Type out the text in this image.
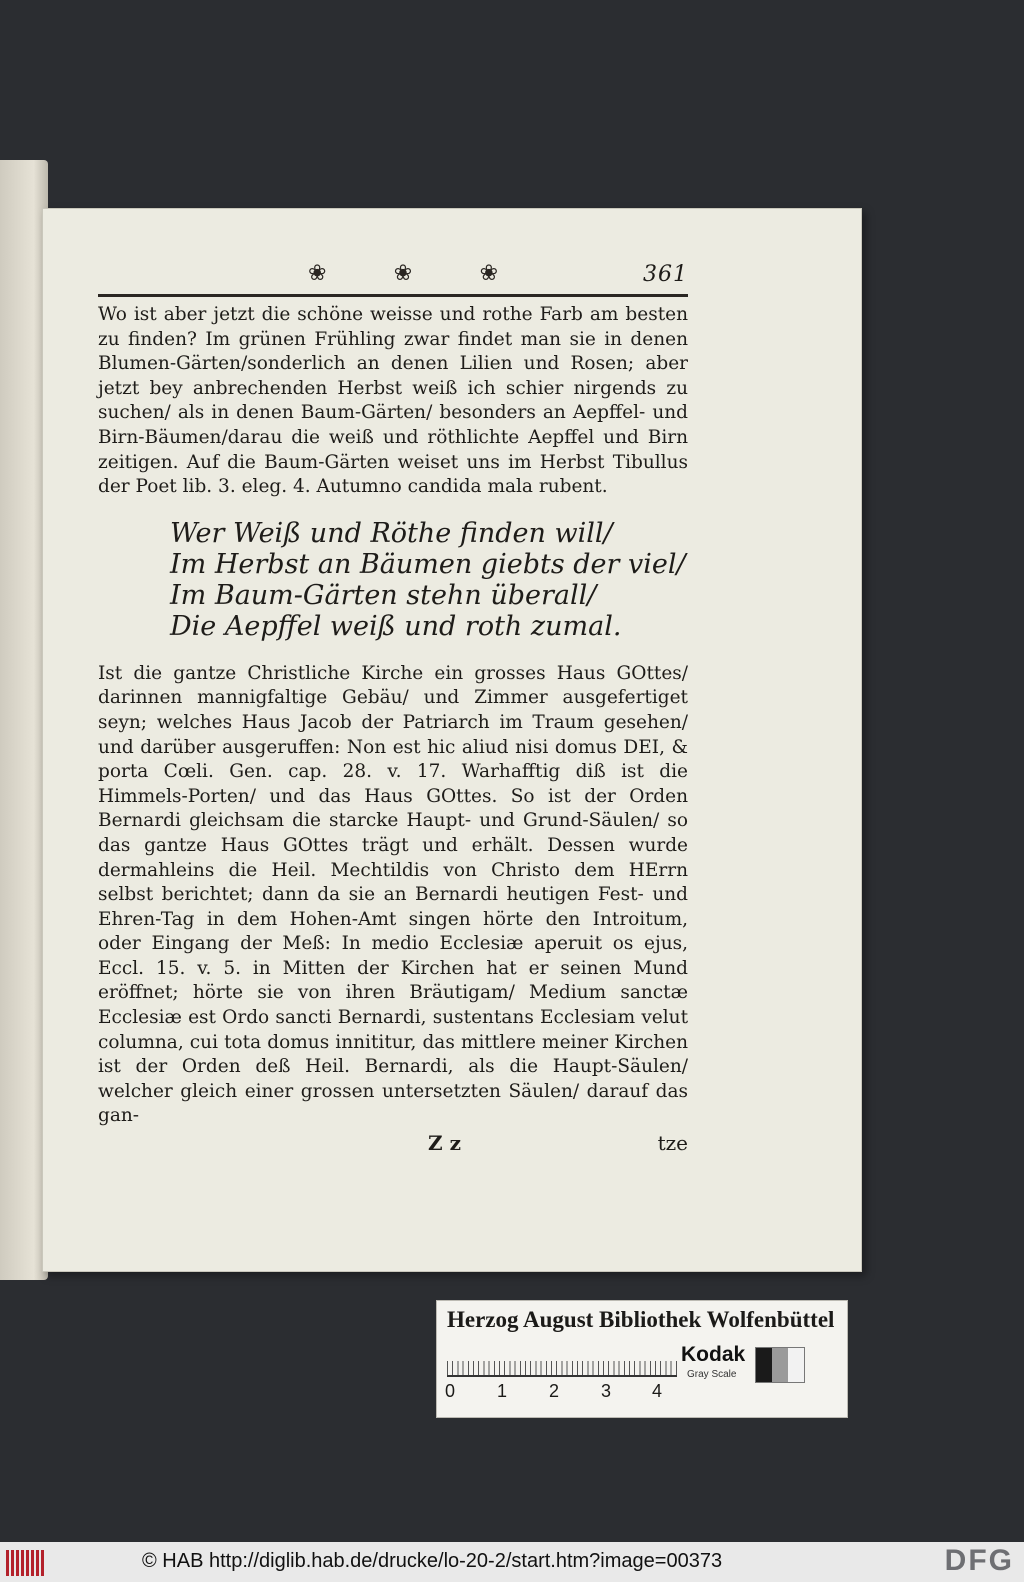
❀	❀	❀	361

Wo ist aber jetzt die schöne weisse und rothe Farb am besten zu finden? Im grünen Frühling zwar findet man sie in denen Blumen-Gärten/sonderlich an denen Lilien und Rosen; aber jetzt bey anbrechenden Herbst weiß ich schier nirgends zu suchen/ als in denen Baum-Gärten/ besonders an Aepffel- und Birn-Bäumen/darau die weiß und röthlichte Aepffel und Birn zeitigen. Auf die Baum-Gärten weiset uns im Herbst Tibullus der Poet lib. 3. eleg. 4. Autumno candida mala rubent.

Wer Weiß und Röthe finden will/
Im Herbst an Bäumen giebts der viel/
Im Baum-Gärten stehn überall/
Die Aepffel weiß und roth zumal.

Ist die gantze Christliche Kirche ein grosses Haus GOttes/ darinnen mannigfaltige Gebäu/ und Zimmer ausgefertiget seyn; welches Haus Jacob der Patriarch im Traum gesehen/ und darüber ausgeruffen: Non est hic aliud nisi domus DEI, & porta Cœli. Gen. cap. 28. v. 17. Warhafftig diß ist die Himmels-Porten/ und das Haus GOttes. So ist der Orden Bernardi gleichsam die starcke Haupt- und Grund-Säulen/ so das gantze Haus GOttes trägt und erhält. Dessen wurde dermahleins die Heil. Mechtildis von Christo dem HErrn selbst berichtet; dann da sie an Bernardi heutigen Fest- und Ehren-Tag in dem Hohen-Amt singen hörte den Introitum, oder Eingang der Meß: In medio Ecclesiæ aperuit os ejus, Eccl. 15. v. 5. in Mitten der Kirchen hat er seinen Mund eröffnet; hörte sie von ihren Bräutigam/ Medium sanctæ Ecclesiæ est Ordo sancti Bernardi, sustentans Ecclesiam velut columna, cui tota domus innititur, das mittlere meiner Kirchen ist der Orden deß Heil. Bernardi, als die Haupt-Säulen/ welcher gleich einer grossen untersetzten Säulen/ darauf das gan-

Z z	tze
Herzog August Bibliothek Wolfenbüttel
0 1 2 3 4
Kodak
Gray Scale
© HAB http://diglib.hab.de/drucke/lo-20-2/start.htm?image=00373	DFG
